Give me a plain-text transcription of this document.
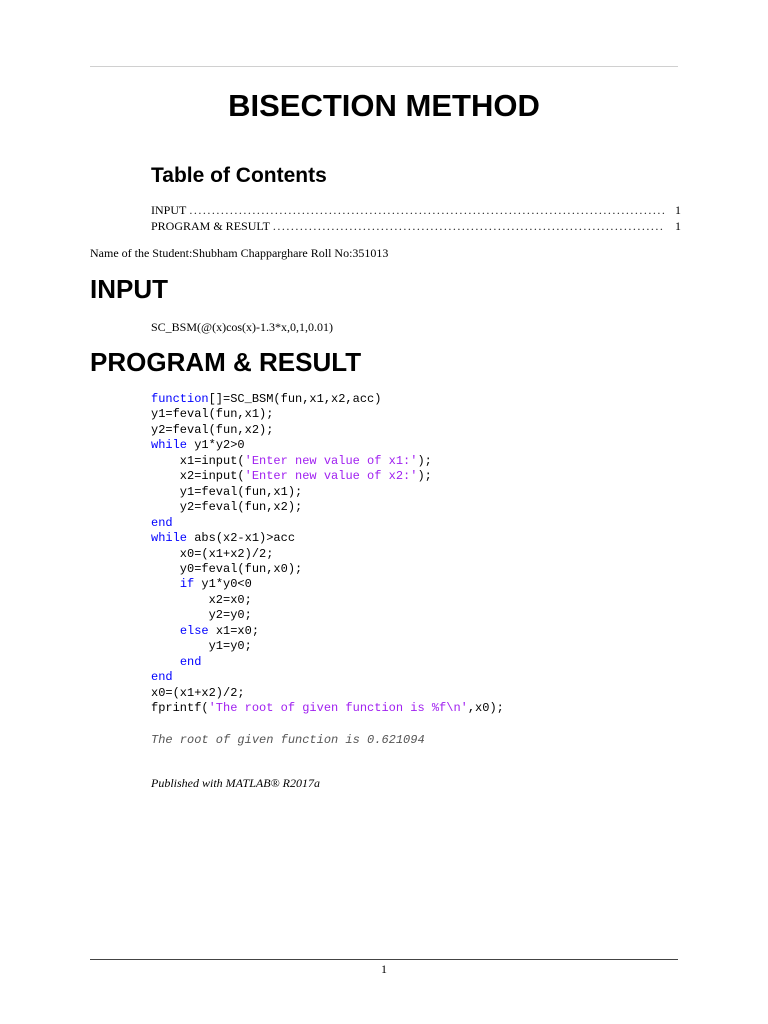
BISECTION METHOD
Table of Contents
INPUT .....	1
PROGRAM & RESULT .....	1
Name of the Student:Shubham Chapparghare Roll No:351013
INPUT
SC_BSM(@(x)cos(x)-1.3*x,0,1,0.01)
PROGRAM & RESULT
function[]=SC_BSM(fun,x1,x2,acc)
y1=feval(fun,x1);
y2=feval(fun,x2);
while y1*y2>0
x1=input('Enter new value of x1:');
x2=input('Enter new value of x2:');
y1=feval(fun,x1);
y2=feval(fun,x2);
end
while abs(x2-x1)>acc
x0=(x1+x2)/2;
y0=feval(fun,x0);
if y1*y0<0
x2=x0;
y2=y0;
else x1=x0;
y1=y0;
end
end
x0=(x1+x2)/2;
fprintf('The root of given function is %f\n',x0);
The root of given function is 0.621094
Published with MATLAB® R2017a
1
